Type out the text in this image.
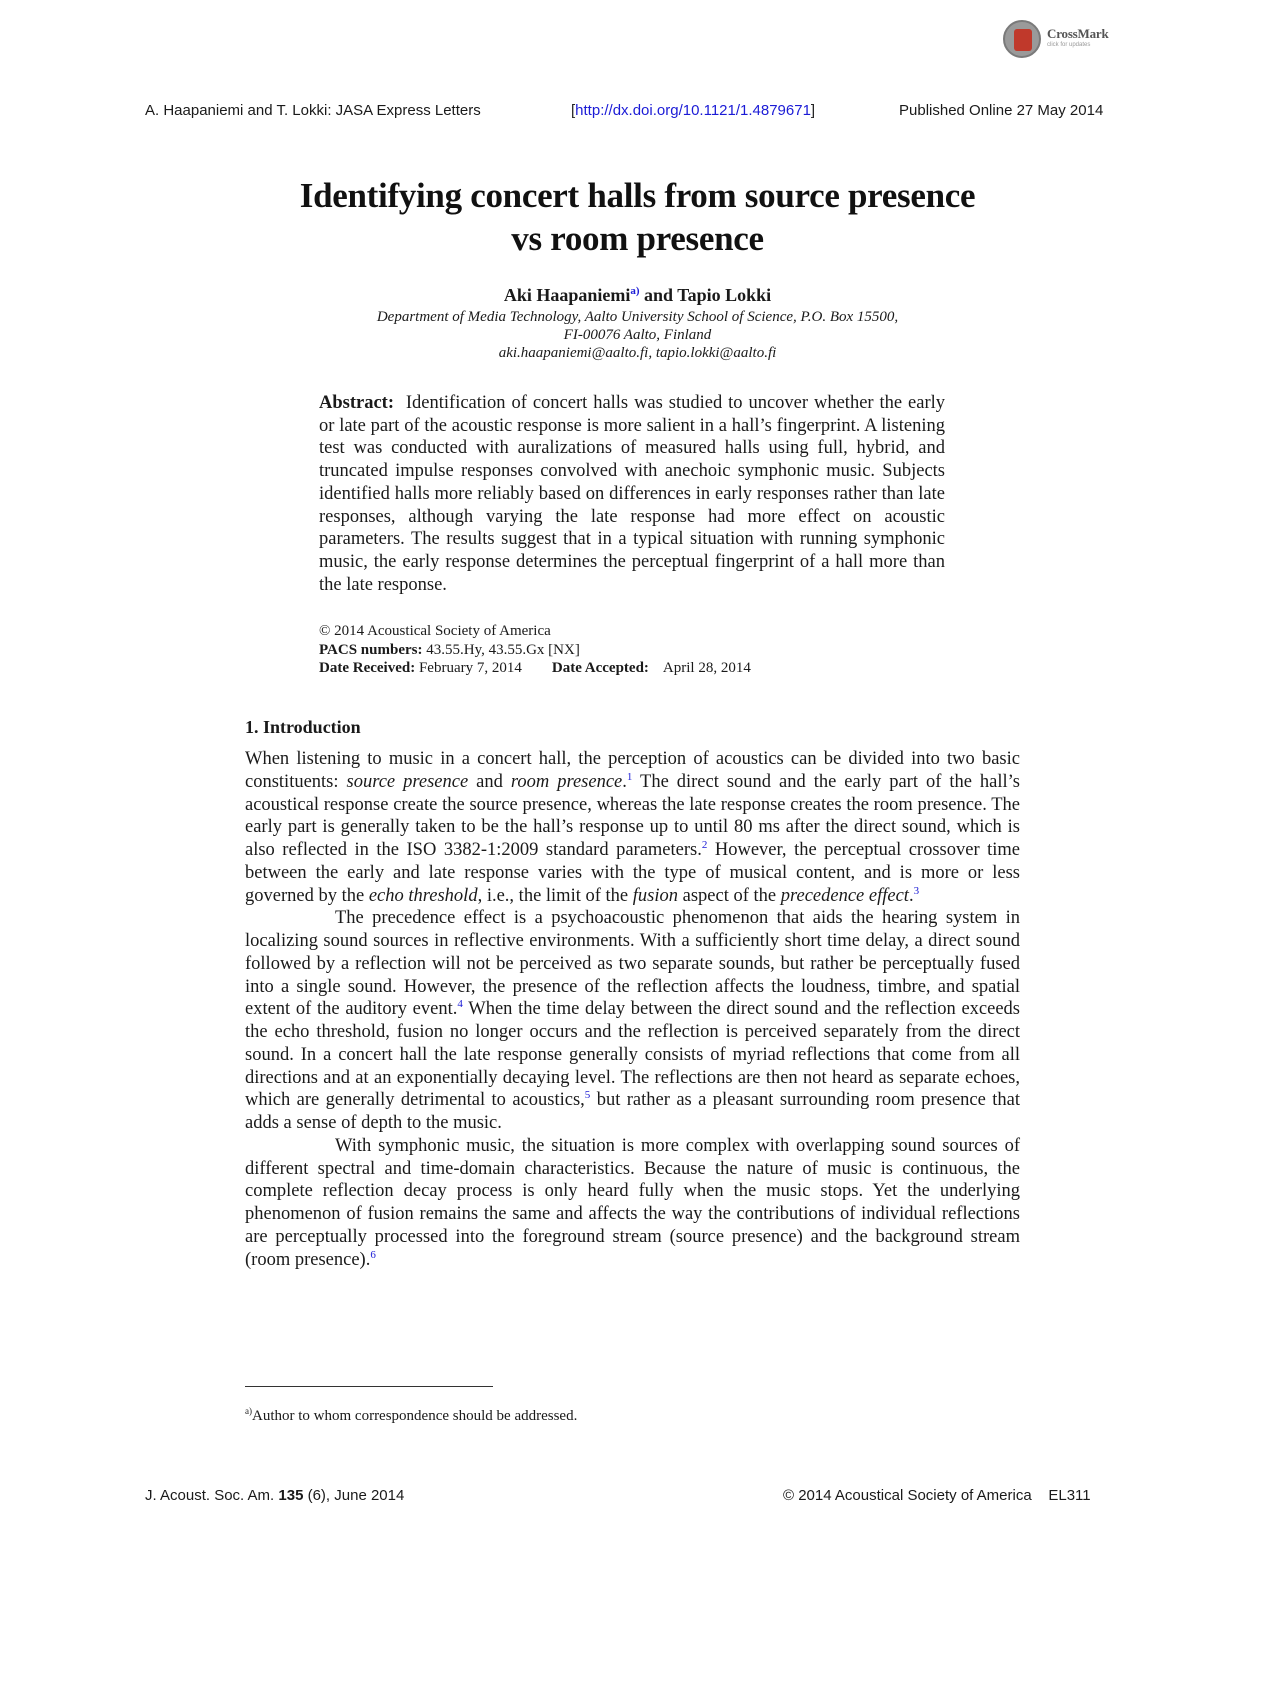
CrossMark
click for updates
A. Haapaniemi and T. Lokki: JASA Express Letters	[http://dx.doi.org/10.1121/1.4879671]	Published Online 27 May 2014
Identifying concert halls from source presence
vs room presence
Aki Haapaniemi$^{a)}$ and Tapio Lokki
Department of Media Technology, Aalto University School of Science, P.O. Box 15500,
FI-00076 Aalto, Finland
aki.haapaniemi@aalto.fi, tapio.lokki@aalto.fi
Abstract: Identification of concert halls was studied to uncover whether the early or late part of the acoustic response is more salient in a hall’s fingerprint. A listening test was conducted with auralizations of measured halls using full, hybrid, and truncated impulse responses convolved with anechoic symphonic music. Subjects identified halls more reliably based on differences in early responses rather than late responses, although varying the late response had more effect on acoustic parameters. The results suggest that in a typical situation with running symphonic music, the early response determines the perceptual fingerprint of a hall more than the late response.
© 2014 Acoustical Society of America
PACS numbers: 43.55.Hy, 43.55.Gx [NX]
Date Received: February 7, 2014 Date Accepted: April 28, 2014
1. Introduction

When listening to music in a concert hall, the perception of acoustics can be divided into two basic constituents: source presence and room presence.$^1$ The direct sound and the early part of the hall’s acoustical response create the source presence, whereas the late response creates the room presence. The early part is generally taken to be the hall’s response up to until 80 ms after the direct sound, which is also reflected in the ISO 3382-1:2009 standard parameters.$^2$ However, the perceptual crossover time between the early and late response varies with the type of musical content, and is more or less governed by the echo threshold, i.e., the limit of the fusion aspect of the precedence effect.$^3$

The precedence effect is a psychoacoustic phenomenon that aids the hearing system in localizing sound sources in reflective environments. With a sufficiently short time delay, a direct sound followed by a reflection will not be perceived as two separate sounds, but rather be perceptually fused into a single sound. However, the presence of the reflection affects the loudness, timbre, and spatial extent of the auditory event.$^4$ When the time delay between the direct sound and the reflection exceeds the echo threshold, fusion no longer occurs and the reflection is perceived separately from the direct sound. In a concert hall the late response generally consists of myriad reflections that come from all directions and at an exponentially decaying level. The reflections are then not heard as separate echoes, which are generally detrimental to acoustics,$^5$ but rather as a pleasant surrounding room presence that adds a sense of depth to the music.

With symphonic music, the situation is more complex with overlapping sound sources of different spectral and time-domain characteristics. Because the nature of music is continuous, the complete reflection decay process is only heard fully when the music stops. Yet the underlying phenomenon of fusion remains the same and affects the way the contributions of individual reflections are perceptually processed into the foreground stream (source presence) and the background stream (room presence).$^6$

$^{a)}$Author to whom correspondence should be addressed.
J. Acoust. Soc. Am. 135 (6), June 2014	© 2014 Acoustical Society of America    EL311
